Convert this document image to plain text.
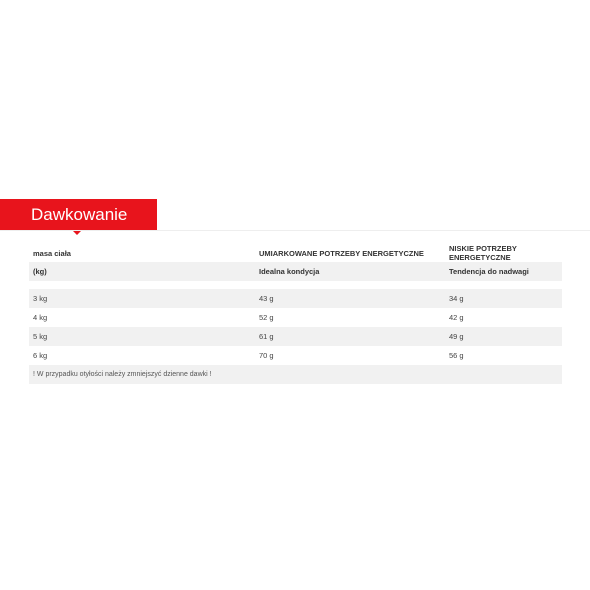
Dawkowanie
masa ciała	UMIARKOWANE POTRZEBY ENERGETYCZNE	NISKIE POTRZEBY ENERGETYCZNE
(kg)	Idealna kondycja	Tendencja do nadwagi

3 kg	43 g	34 g
4 kg	52 g	42 g
5 kg	61 g	49 g
6 kg	70 g	56 g
! W przypadku otyłości należy zmniejszyć dzienne dawki !		
